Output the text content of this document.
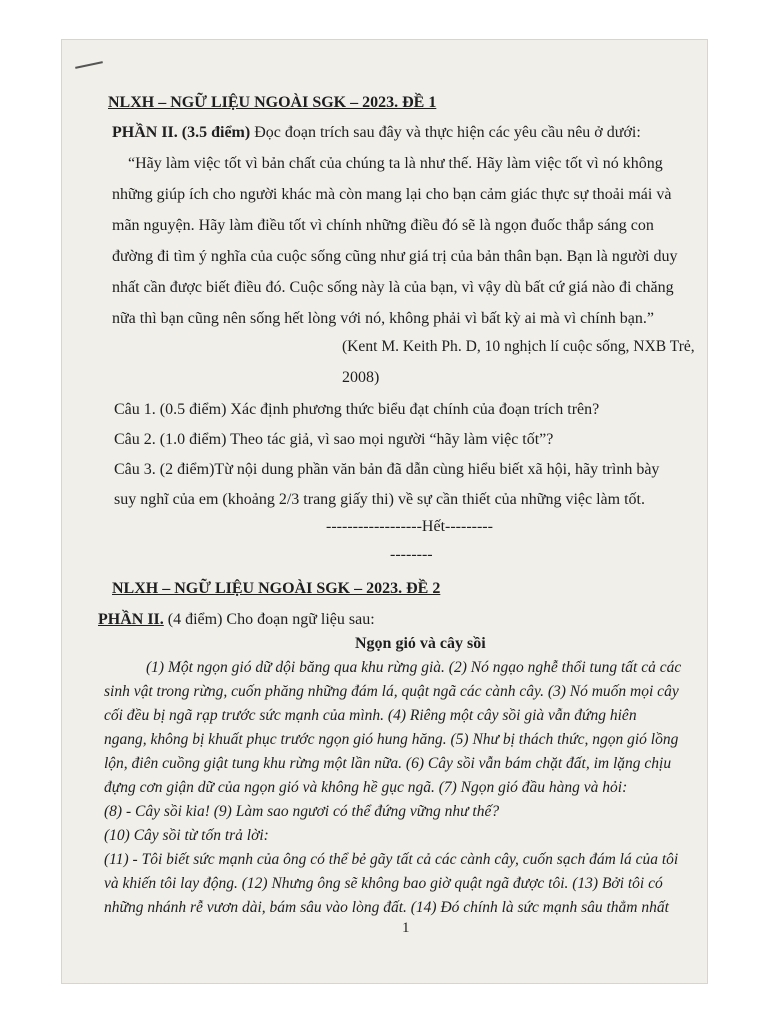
NLXH – NGỮ LIỆU NGOÀI SGK – 2023. ĐỀ 1
PHẦN II. (3.5 điểm) Đọc đoạn trích sau đây và thực hiện các yêu cầu nêu ở dưới:
“Hãy làm việc tốt vì bản chất của chúng ta là như thế. Hãy làm việc tốt vì nó không
những giúp ích cho người khác mà còn mang lại cho bạn cảm giác thực sự thoải mái và
mãn nguyện. Hãy làm điều tốt vì chính những điều đó sẽ là ngọn đuốc thắp sáng con
đường đi tìm ý nghĩa của cuộc sống cũng như giá trị của bản thân bạn. Bạn là người duy
nhất cần được biết điều đó. Cuộc sống này là của bạn, vì vậy dù bất cứ giá nào đi chăng
nữa thì bạn cũng nên sống hết lòng với nó, không phải vì bất kỳ ai mà vì chính bạn.”
(Kent M. Keith Ph. D, 10 nghịch lí cuộc sống, NXB Trẻ,
2008)
Câu 1. (0.5 điểm) Xác định phương thức biểu đạt chính của đoạn trích trên?
Câu 2. (1.0 điểm) Theo tác giả, vì sao mọi người “hãy làm việc tốt”?
Câu 3. (2 điểm)Từ nội dung phần văn bản đã dẫn cùng hiểu biết xã hội, hãy trình bày
suy nghĩ của em (khoảng 2/3 trang giấy thi) về sự cần thiết của những việc làm tốt.
------------------Hết---------
--------
NLXH – NGỮ LIỆU NGOÀI SGK – 2023. ĐỀ 2
PHẦN II. (4 điểm) Cho đoạn ngữ liệu sau:
Ngọn gió và cây sồi
(1) Một ngọn gió dữ dội băng qua khu rừng già. (2) Nó ngạo nghễ thổi tung tất cả các
sinh vật trong rừng, cuốn phăng những đám lá, quật ngã các cành cây. (3) Nó muốn mọi cây
cối đều bị ngã rạp trước sức mạnh của mình. (4) Riêng một cây sồi già vẫn đứng hiên
ngang, không bị khuất phục trước ngọn gió hung hăng. (5) Như bị thách thức, ngọn gió lồng
lộn, điên cuồng giật tung khu rừng một lần nữa. (6) Cây sồi vẫn bám chặt đất, im lặng chịu
đựng cơn giận dữ của ngọn gió và không hề gục ngã. (7) Ngọn gió đầu hàng và hỏi:
(8) - Cây sồi kia! (9) Làm sao ngươi có thể đứng vững như thế?
(10) Cây sồi từ tốn trả lời:
(11) - Tôi biết sức mạnh của ông có thể bẻ gãy tất cả các cành cây, cuốn sạch đám lá của tôi
và khiến tôi lay động. (12) Nhưng ông sẽ không bao giờ quật ngã được tôi. (13) Bởi tôi có
những nhánh rễ vươn dài, bám sâu vào lòng đất. (14) Đó chính là sức mạnh sâu thẳm nhất
1
